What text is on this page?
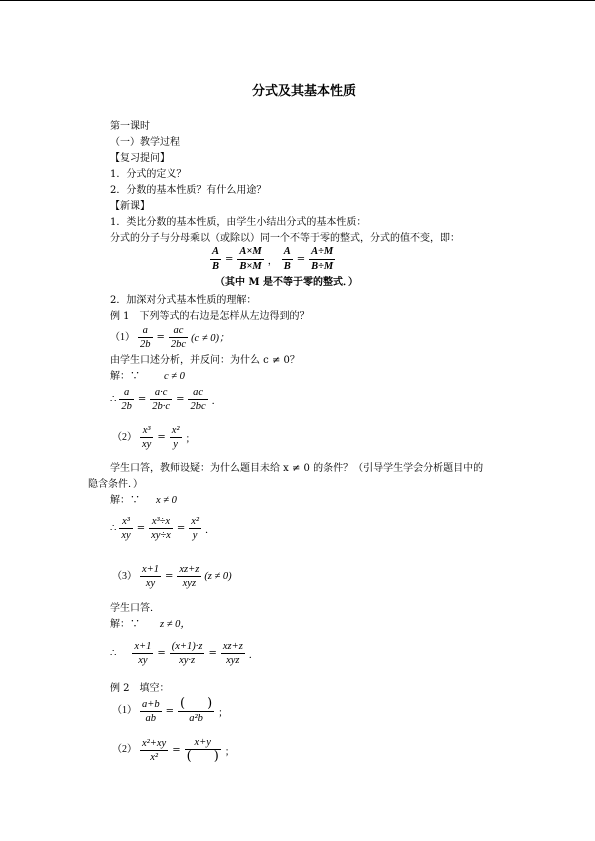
分式及其基本性质
第一课时
（一）教学过程
【复习提问】
1．分式的定义？
2．分数的基本性质？有什么用途？
【新课】
1．类比分数的基本性质，由学生小结出分式的基本性质：
分式的分子与分母乘以（或除以）同一个不等于零的整式，分式的值不变，即：
$\frac{A}{B} = \frac{A\times M}{B\times M}$ ， $\frac{A}{B} = \frac{A\div M}{B\div M}$
（其中 M 是不等于零的整式．）
2．加深对分式基本性质的理解：
例 1　下列等式的右边是怎样从左边得到的？
$(1) \frac{a}{2b} = \frac{ac}{2bc} (c \ne 0)$；
由学生口述分析，并反问：为什么 c ≠ 0？
解：∵ c ≠ 0
∴ $\frac{a}{2b} = \frac{a\cdot c}{2b\cdot c} = \frac{ac}{2bc}$ ．
$(2) \frac{\text{x³}}{xy} = \frac{\text{x²}}{y}$ ；
学生口答，教师设疑：为什么题目未给 x ≠ 0 的条件？（引导学生学会分析题目中的
隐含条件．）
解：∵ x ≠ 0
∴ $\frac{\text{x³}}{xy} = \frac{\text{x³÷x}}{xy\div x} = \frac{\text{x²}}{y}$ ．
$(3) \frac{x+1}{xy} = \frac{xz+z}{\text{xyz}} (z \ne 0)$
学生口答．
解：∵ z ≠ 0，
∴ $\frac{x+1}{xy} = \frac{(x+1)\cdot z}{xy\cdot z} = \frac{xz+z}{\text{xyz}}$ ．
例 2　填空：
$(1) \frac{a+b}{ab} = \frac{( )}{\text{a²b}}$ ；
$(2) \frac{\text{x²+xy}}{\text{x²}} = \frac{x+y}{( )}$ ；
